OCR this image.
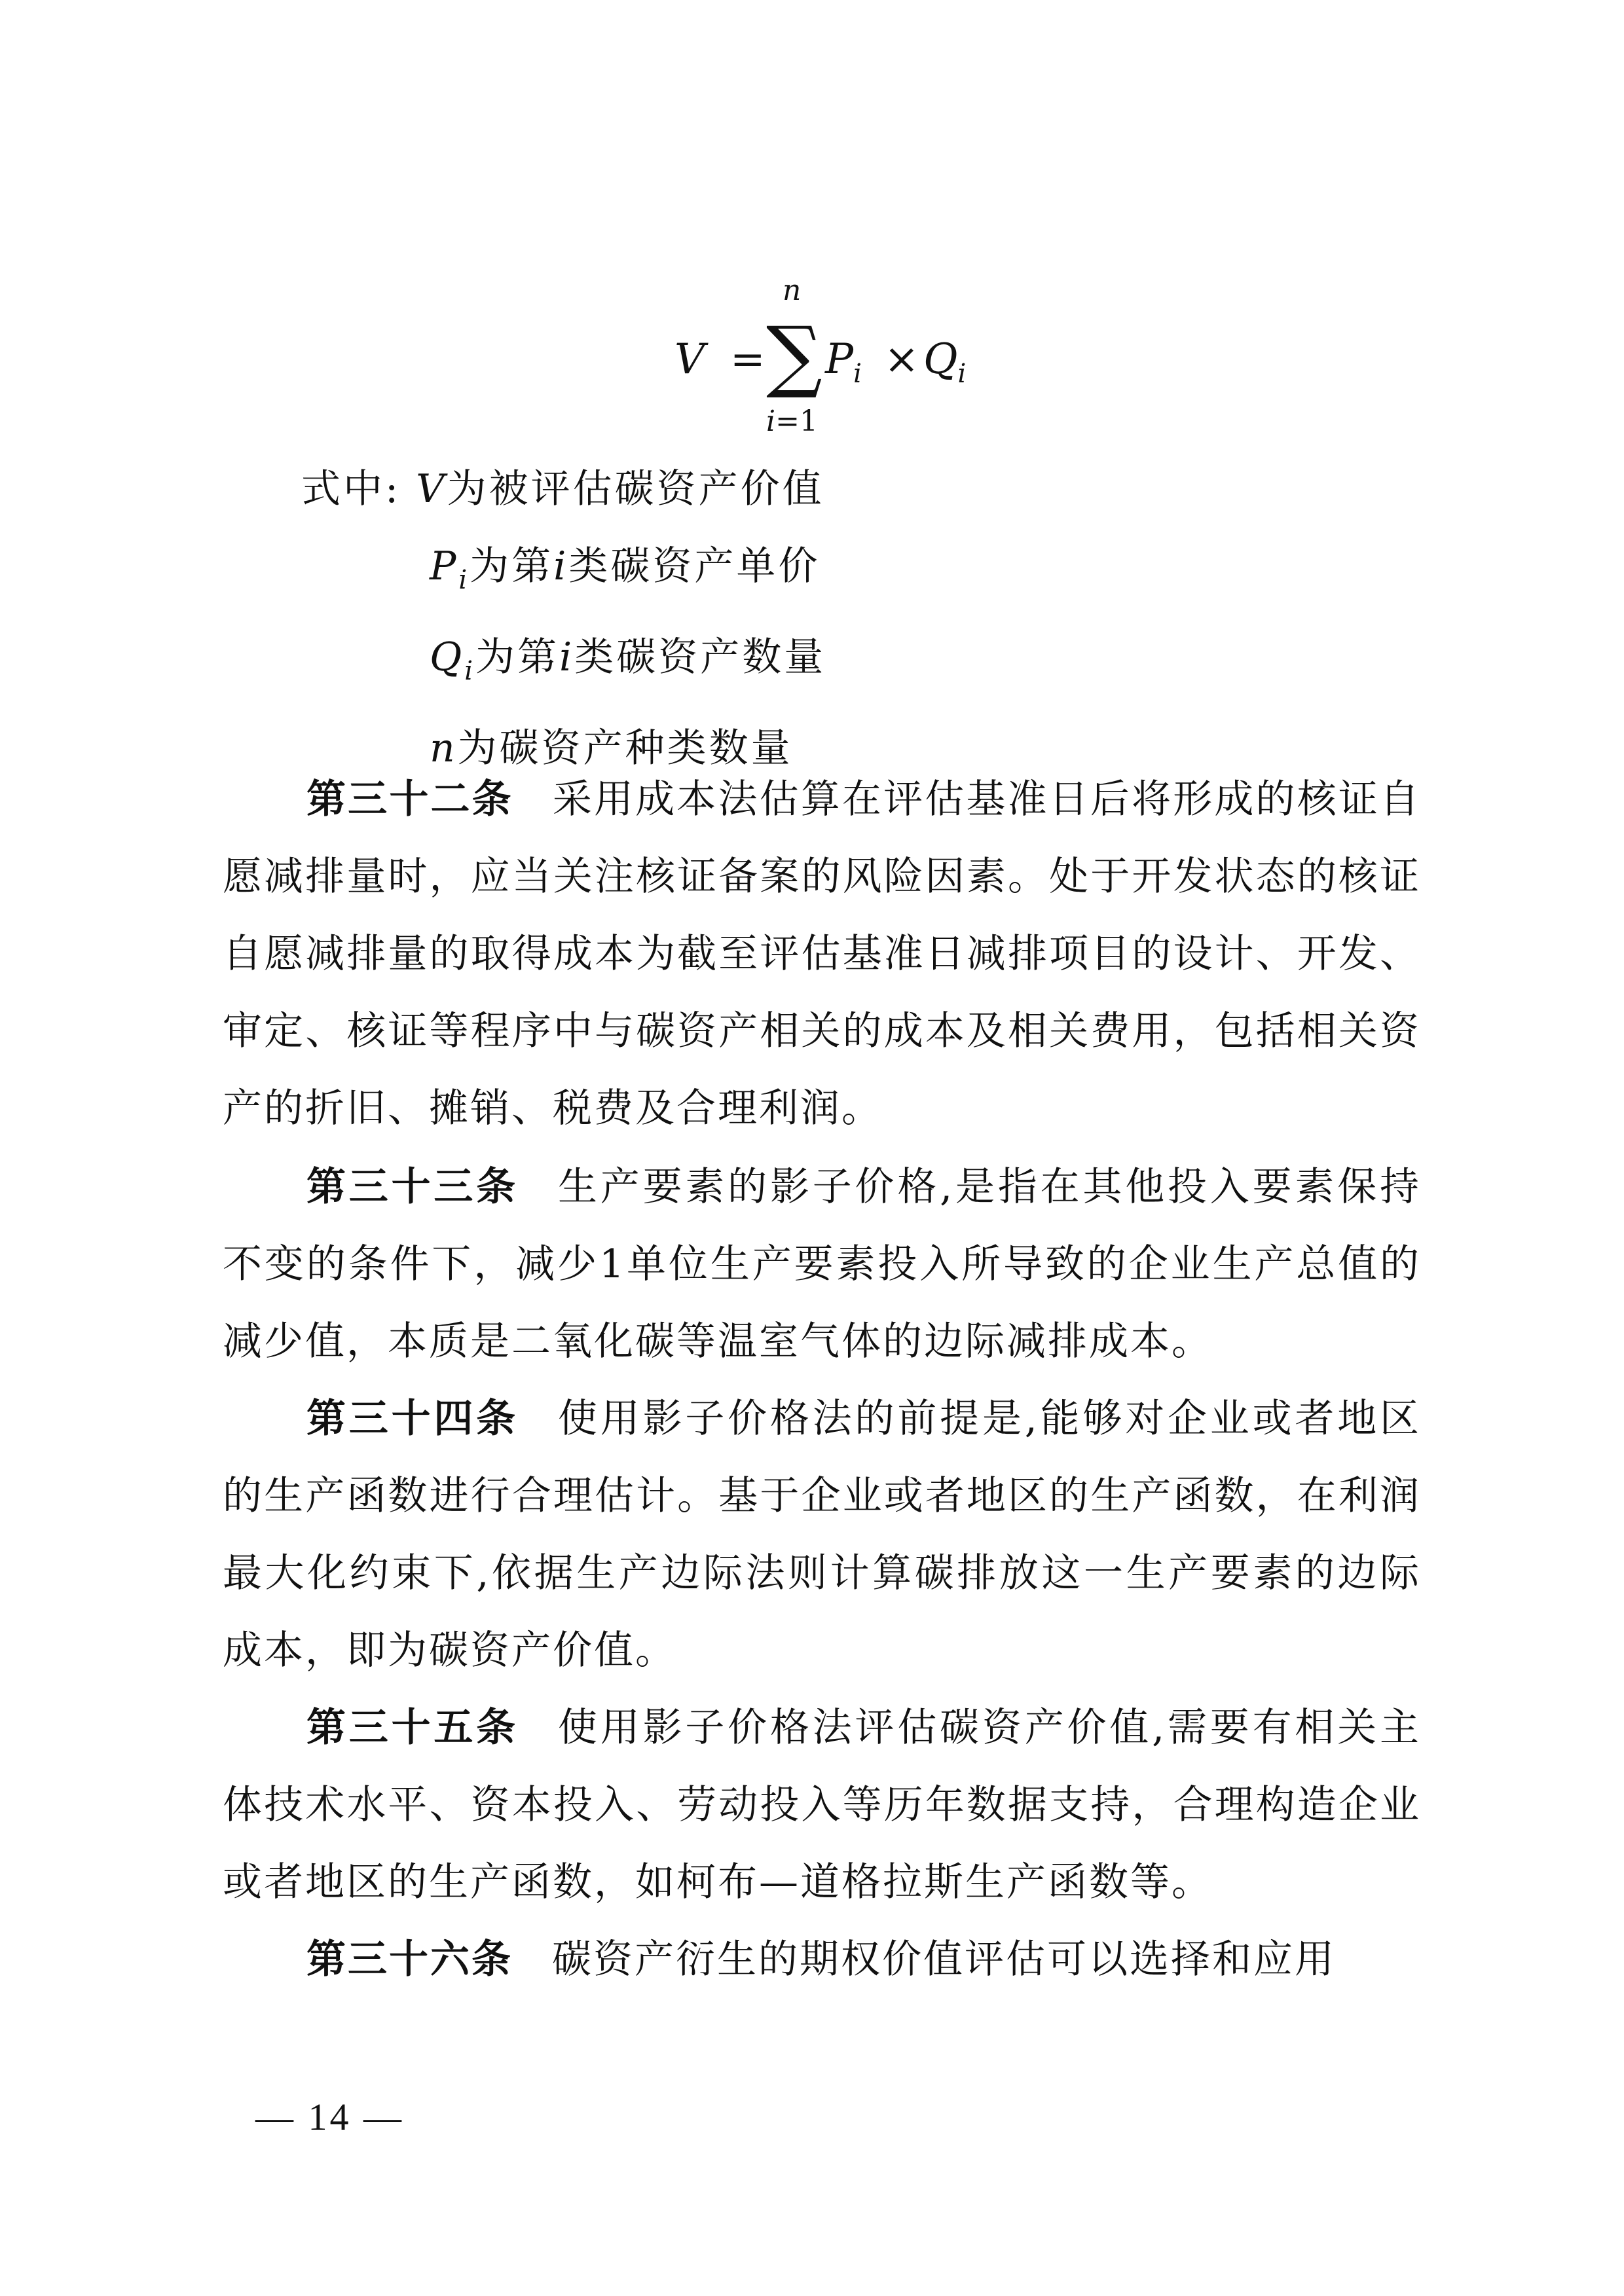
V = ∑
n
i=1
$P_i \times Q_i$
式中: V为被评估碳资产价值
$P_i$为第i类碳资产单价
$Q_i$为第i类碳资产数量
n为碳资产种类数量
第三十二条 采用成本法估算在评估基准日后将形成的核证自愿减排量时，应当关注核证备案的风险因素。处于开发状态的核证自愿减排量的取得成本为截至评估基准日减排项目的设计、开发、审定、核证等程序中与碳资产相关的成本及相关费用，包括相关资产的折旧、摊销、税费及合理利润。
第三十三条 生产要素的影子价格,是指在其他投入要素保持不变的条件下，减少1单位生产要素投入所导致的企业生产总值的减少值，本质是二氧化碳等温室气体的边际减排成本。
第三十四条 使用影子价格法的前提是,能够对企业或者地区的生产函数进行合理估计。基于企业或者地区的生产函数，在利润最大化约束下,依据生产边际法则计算碳排放这一生产要素的边际成本，即为碳资产价值。
第三十五条 使用影子价格法评估碳资产价值,需要有相关主体技术水平、资本投入、劳动投入等历年数据支持，合理构造企业或者地区的生产函数，如柯布—道格拉斯生产函数等。
第三十六条 碳资产衍生的期权价值评估可以选择和应用
— 14 —
